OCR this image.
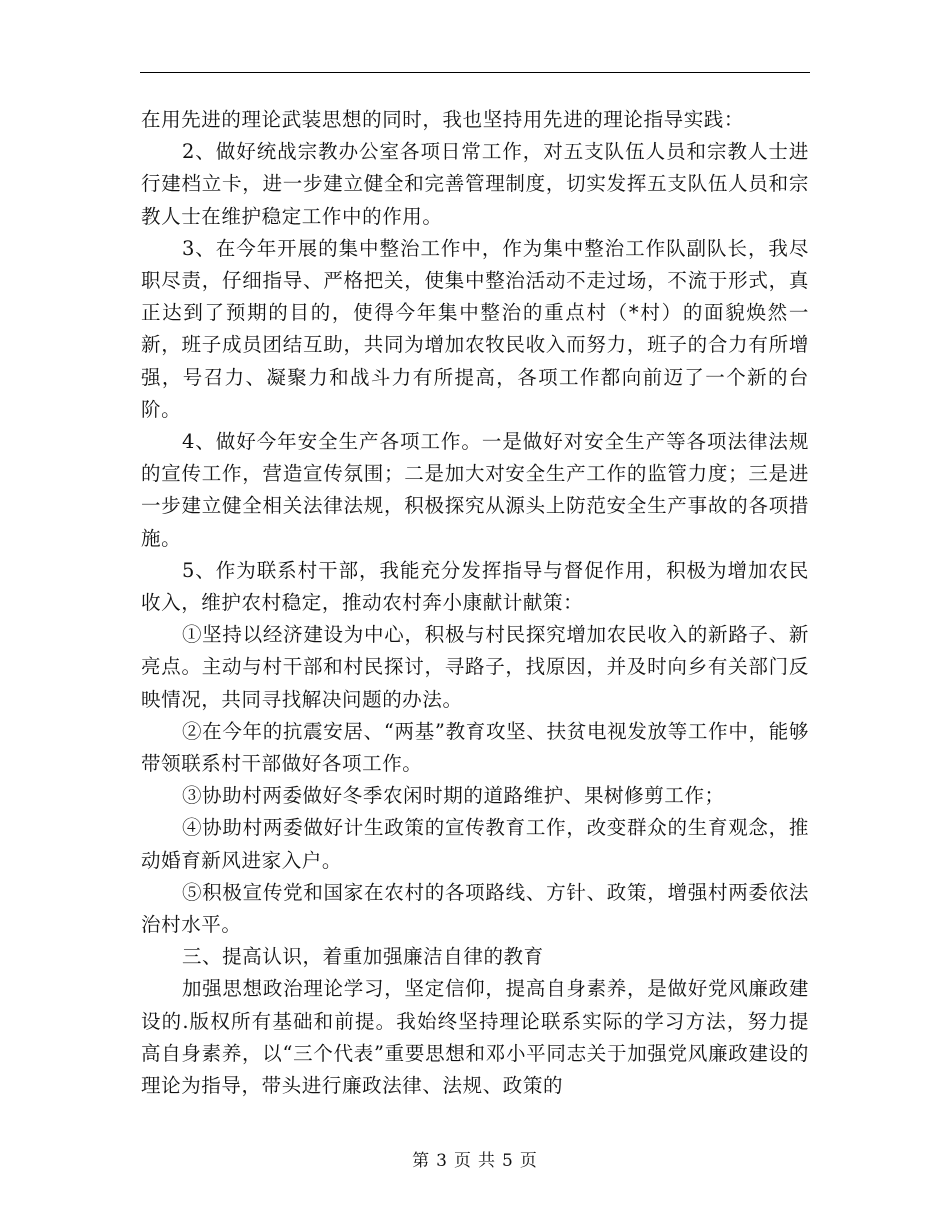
在用先进的理论武装思想的同时，我也坚持用先进的理论指导实践：

2、做好统战宗教办公室各项日常工作，对五支队伍人员和宗教人士进行建档立卡，进一步建立健全和完善管理制度，切实发挥五支队伍人员和宗教人士在维护稳定工作中的作用。

3、在今年开展的集中整治工作中，作为集中整治工作队副队长，我尽职尽责，仔细指导、严格把关，使集中整治活动不走过场，不流于形式，真正达到了预期的目的，使得今年集中整治的重点村（*村）的面貌焕然一新，班子成员团结互助，共同为增加农牧民收入而努力，班子的合力有所增强，号召力、凝聚力和战斗力有所提高，各项工作都向前迈了一个新的台阶。

4、做好今年安全生产各项工作。一是做好对安全生产等各项法律法规的宣传工作，营造宣传氛围；二是加大对安全生产工作的监管力度；三是进一步建立健全相关法律法规，积极探究从源头上防范安全生产事故的各项措施。

5、作为联系村干部，我能充分发挥指导与督促作用，积极为增加农民收入，维护农村稳定，推动农村奔小康献计献策：

①坚持以经济建设为中心，积极与村民探究增加农民收入的新路子、新亮点。主动与村干部和村民探讨，寻路子，找原因，并及时向乡有关部门反映情况，共同寻找解决问题的办法。

②在今年的抗震安居、“两基”教育攻坚、扶贫电视发放等工作中，能够带领联系村干部做好各项工作。

③协助村两委做好冬季农闲时期的道路维护、果树修剪工作；

④协助村两委做好计生政策的宣传教育工作，改变群众的生育观念，推动婚育新风进家入户。

⑤积极宣传党和国家在农村的各项路线、方针、政策，增强村两委依法治村水平。

三、提高认识，着重加强廉洁自律的教育

加强思想政治理论学习，坚定信仰，提高自身素养，是做好党风廉政建设的.版权所有基础和前提。我始终坚持理论联系实际的学习方法，努力提高自身素养，以“三个代表”重要思想和邓小平同志关于加强党风廉政建设的理论为指导，带头进行廉政法律、法规、政策的

第 3 页 共 5 页
